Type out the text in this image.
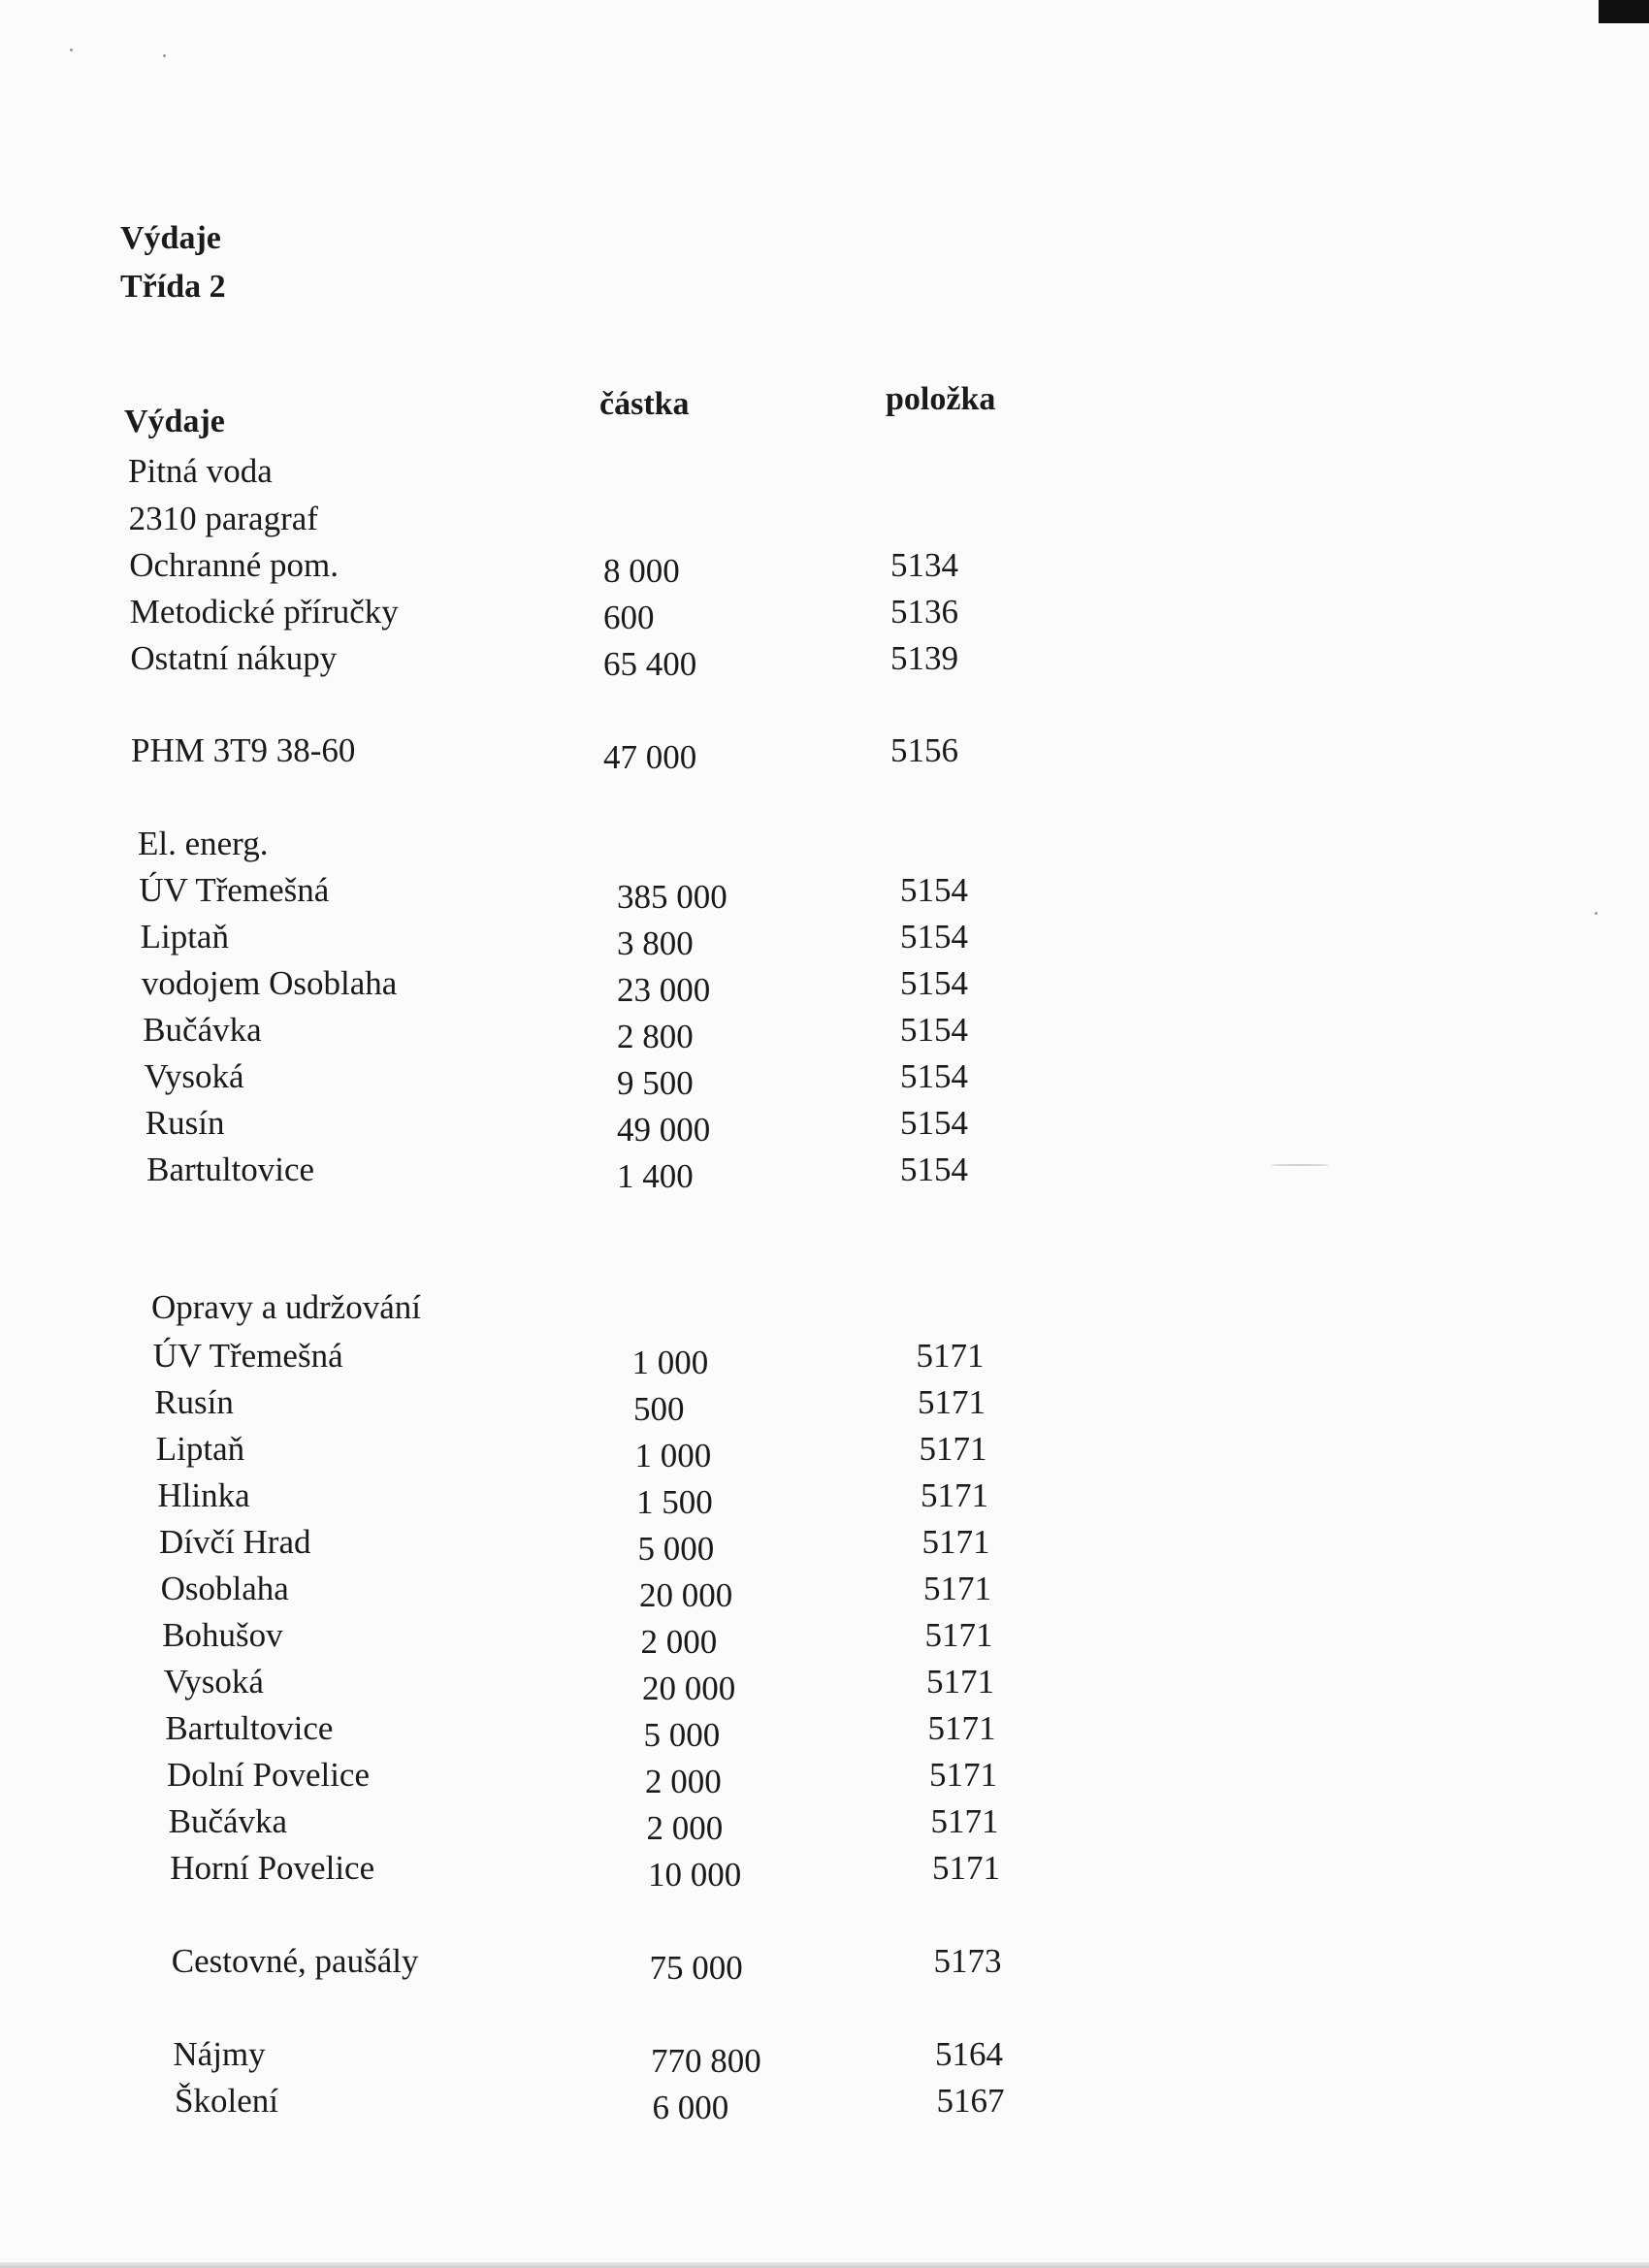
Výdaje
Třída 2
Výdaje	částka	položka
Pitná voda
2310 paragraf
Ochranné pom.	8 000	5134
Metodické příručky	600	5136
Ostatní nákupy	65 400	5139
PHM 3T9 38-60	47 000	5156
El. energ.
ÚV Třemešná	385 000	5154
Liptaň	3 800	5154
vodojem Osoblaha	23 000	5154
Bučávka	2 800	5154
Vysoká	9 500	5154
Rusín	49 000	5154
Bartultovice	1 400	5154
Opravy a udržování
ÚV Třemešná	1 000	5171
Rusín	500	5171
Liptaň	1 000	5171
Hlinka	1 500	5171
Dívčí Hrad	5 000	5171
Osoblaha	20 000	5171
Bohušov	2 000	5171
Vysoká	20 000	5171
Bartultovice	5 000	5171
Dolní Povelice	2 000	5171
Bučávka	2 000	5171
Horní Povelice	10 000	5171
Cestovné, paušály	75 000	5173
Nájmy	770 800	5164
Školení	6 000	5167
